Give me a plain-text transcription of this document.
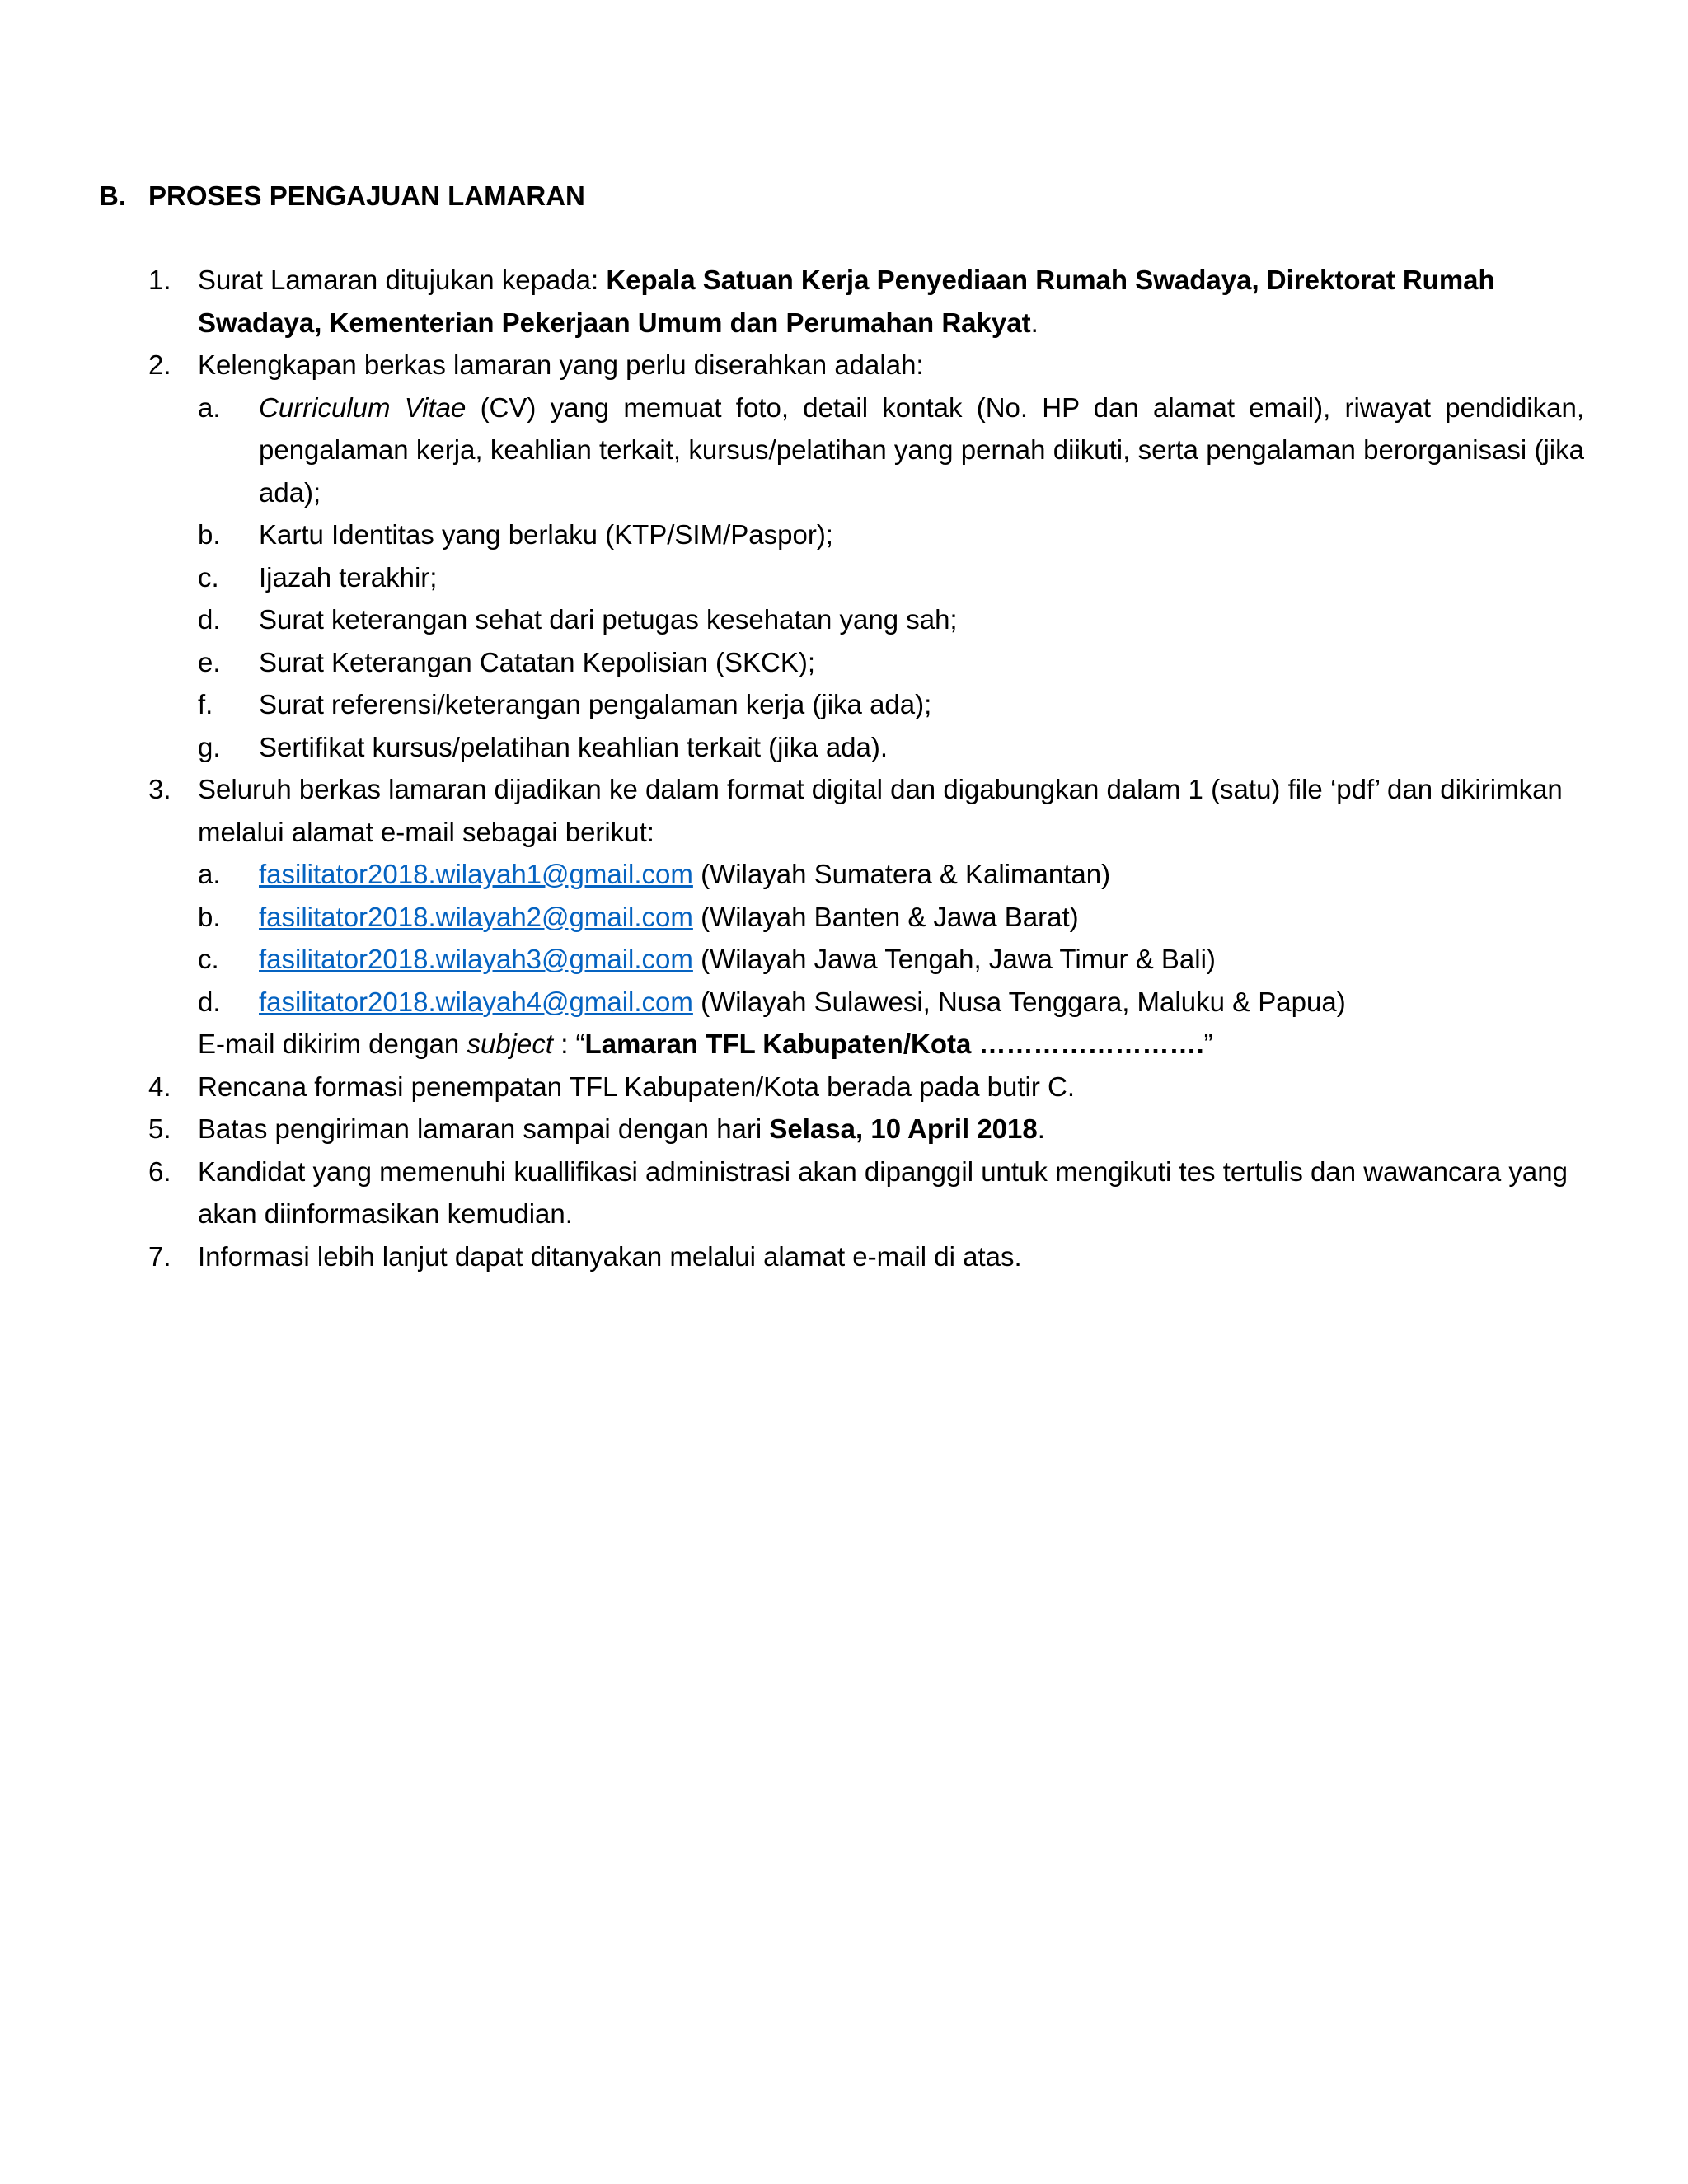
B. PROSES PENGAJUAN LAMARAN
1. Surat Lamaran ditujukan kepada: Kepala Satuan Kerja Penyediaan Rumah Swadaya, Direktorat Rumah Swadaya, Kementerian Pekerjaan Umum dan Perumahan Rakyat.
2. Kelengkapan berkas lamaran yang perlu diserahkan adalah:
a. Curriculum Vitae (CV) yang memuat foto, detail kontak (No. HP dan alamat email), riwayat pendidikan, pengalaman kerja, keahlian terkait, kursus/pelatihan yang pernah diikuti, serta pengalaman berorganisasi (jika ada);
b. Kartu Identitas yang berlaku (KTP/SIM/Paspor);
c. Ijazah terakhir;
d. Surat keterangan sehat dari petugas kesehatan yang sah;
e. Surat Keterangan Catatan Kepolisian (SKCK);
f. Surat referensi/keterangan pengalaman kerja (jika ada);
g. Sertifikat kursus/pelatihan keahlian terkait (jika ada).
3. Seluruh berkas lamaran dijadikan ke dalam format digital dan digabungkan dalam 1 (satu) file ‘pdf’ dan dikirimkan melalui alamat e-mail sebagai berikut:
a. fasilitator2018.wilayah1@gmail.com (Wilayah Sumatera & Kalimantan)
b. fasilitator2018.wilayah2@gmail.com (Wilayah Banten & Jawa Barat)
c. fasilitator2018.wilayah3@gmail.com (Wilayah Jawa Tengah, Jawa Timur & Bali)
d. fasilitator2018.wilayah4@gmail.com (Wilayah Sulawesi, Nusa Tenggara, Maluku & Papua)
E-mail dikirim dengan subject : “Lamaran TFL Kabupaten/Kota …………………….”
4. Rencana formasi penempatan TFL Kabupaten/Kota berada pada butir C.
5. Batas pengiriman lamaran sampai dengan hari Selasa, 10 April 2018.
6. Kandidat yang memenuhi kuallifikasi administrasi akan dipanggil untuk mengikuti tes tertulis dan wawancara yang akan diinformasikan kemudian.
7. Informasi lebih lanjut dapat ditanyakan melalui alamat e-mail di atas.
